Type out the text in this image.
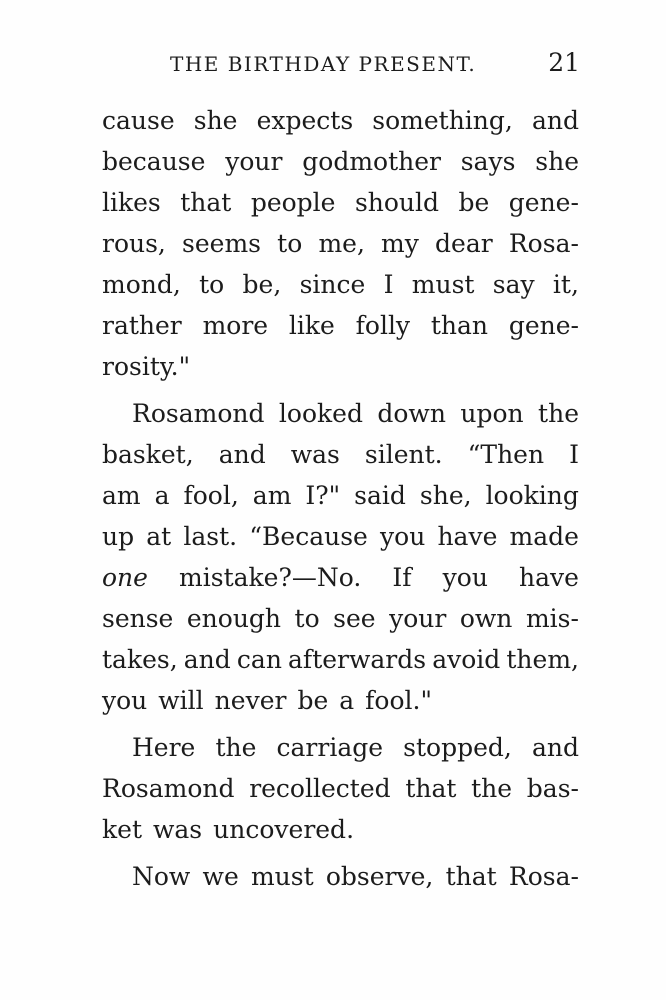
THE BIRTHDAY PRESENT.	21
cause she expects something, and
because your godmother says she
likes that people should be gene-
rous, seems to me, my dear Rosa-
mond, to be, since I must say it,
rather more like folly than gene-
rosity."
Rosamond looked down upon the
basket, and was silent. “Then I
am a fool, am I?" said she, looking
up at last. “Because you have made
one mistake?—No. If you have
sense enough to see your own mis-
takes, and can afterwards avoid them,
you will never be a fool."
Here the carriage stopped, and
Rosamond recollected that the bas-
ket was uncovered.
Now we must observe, that Rosa-
